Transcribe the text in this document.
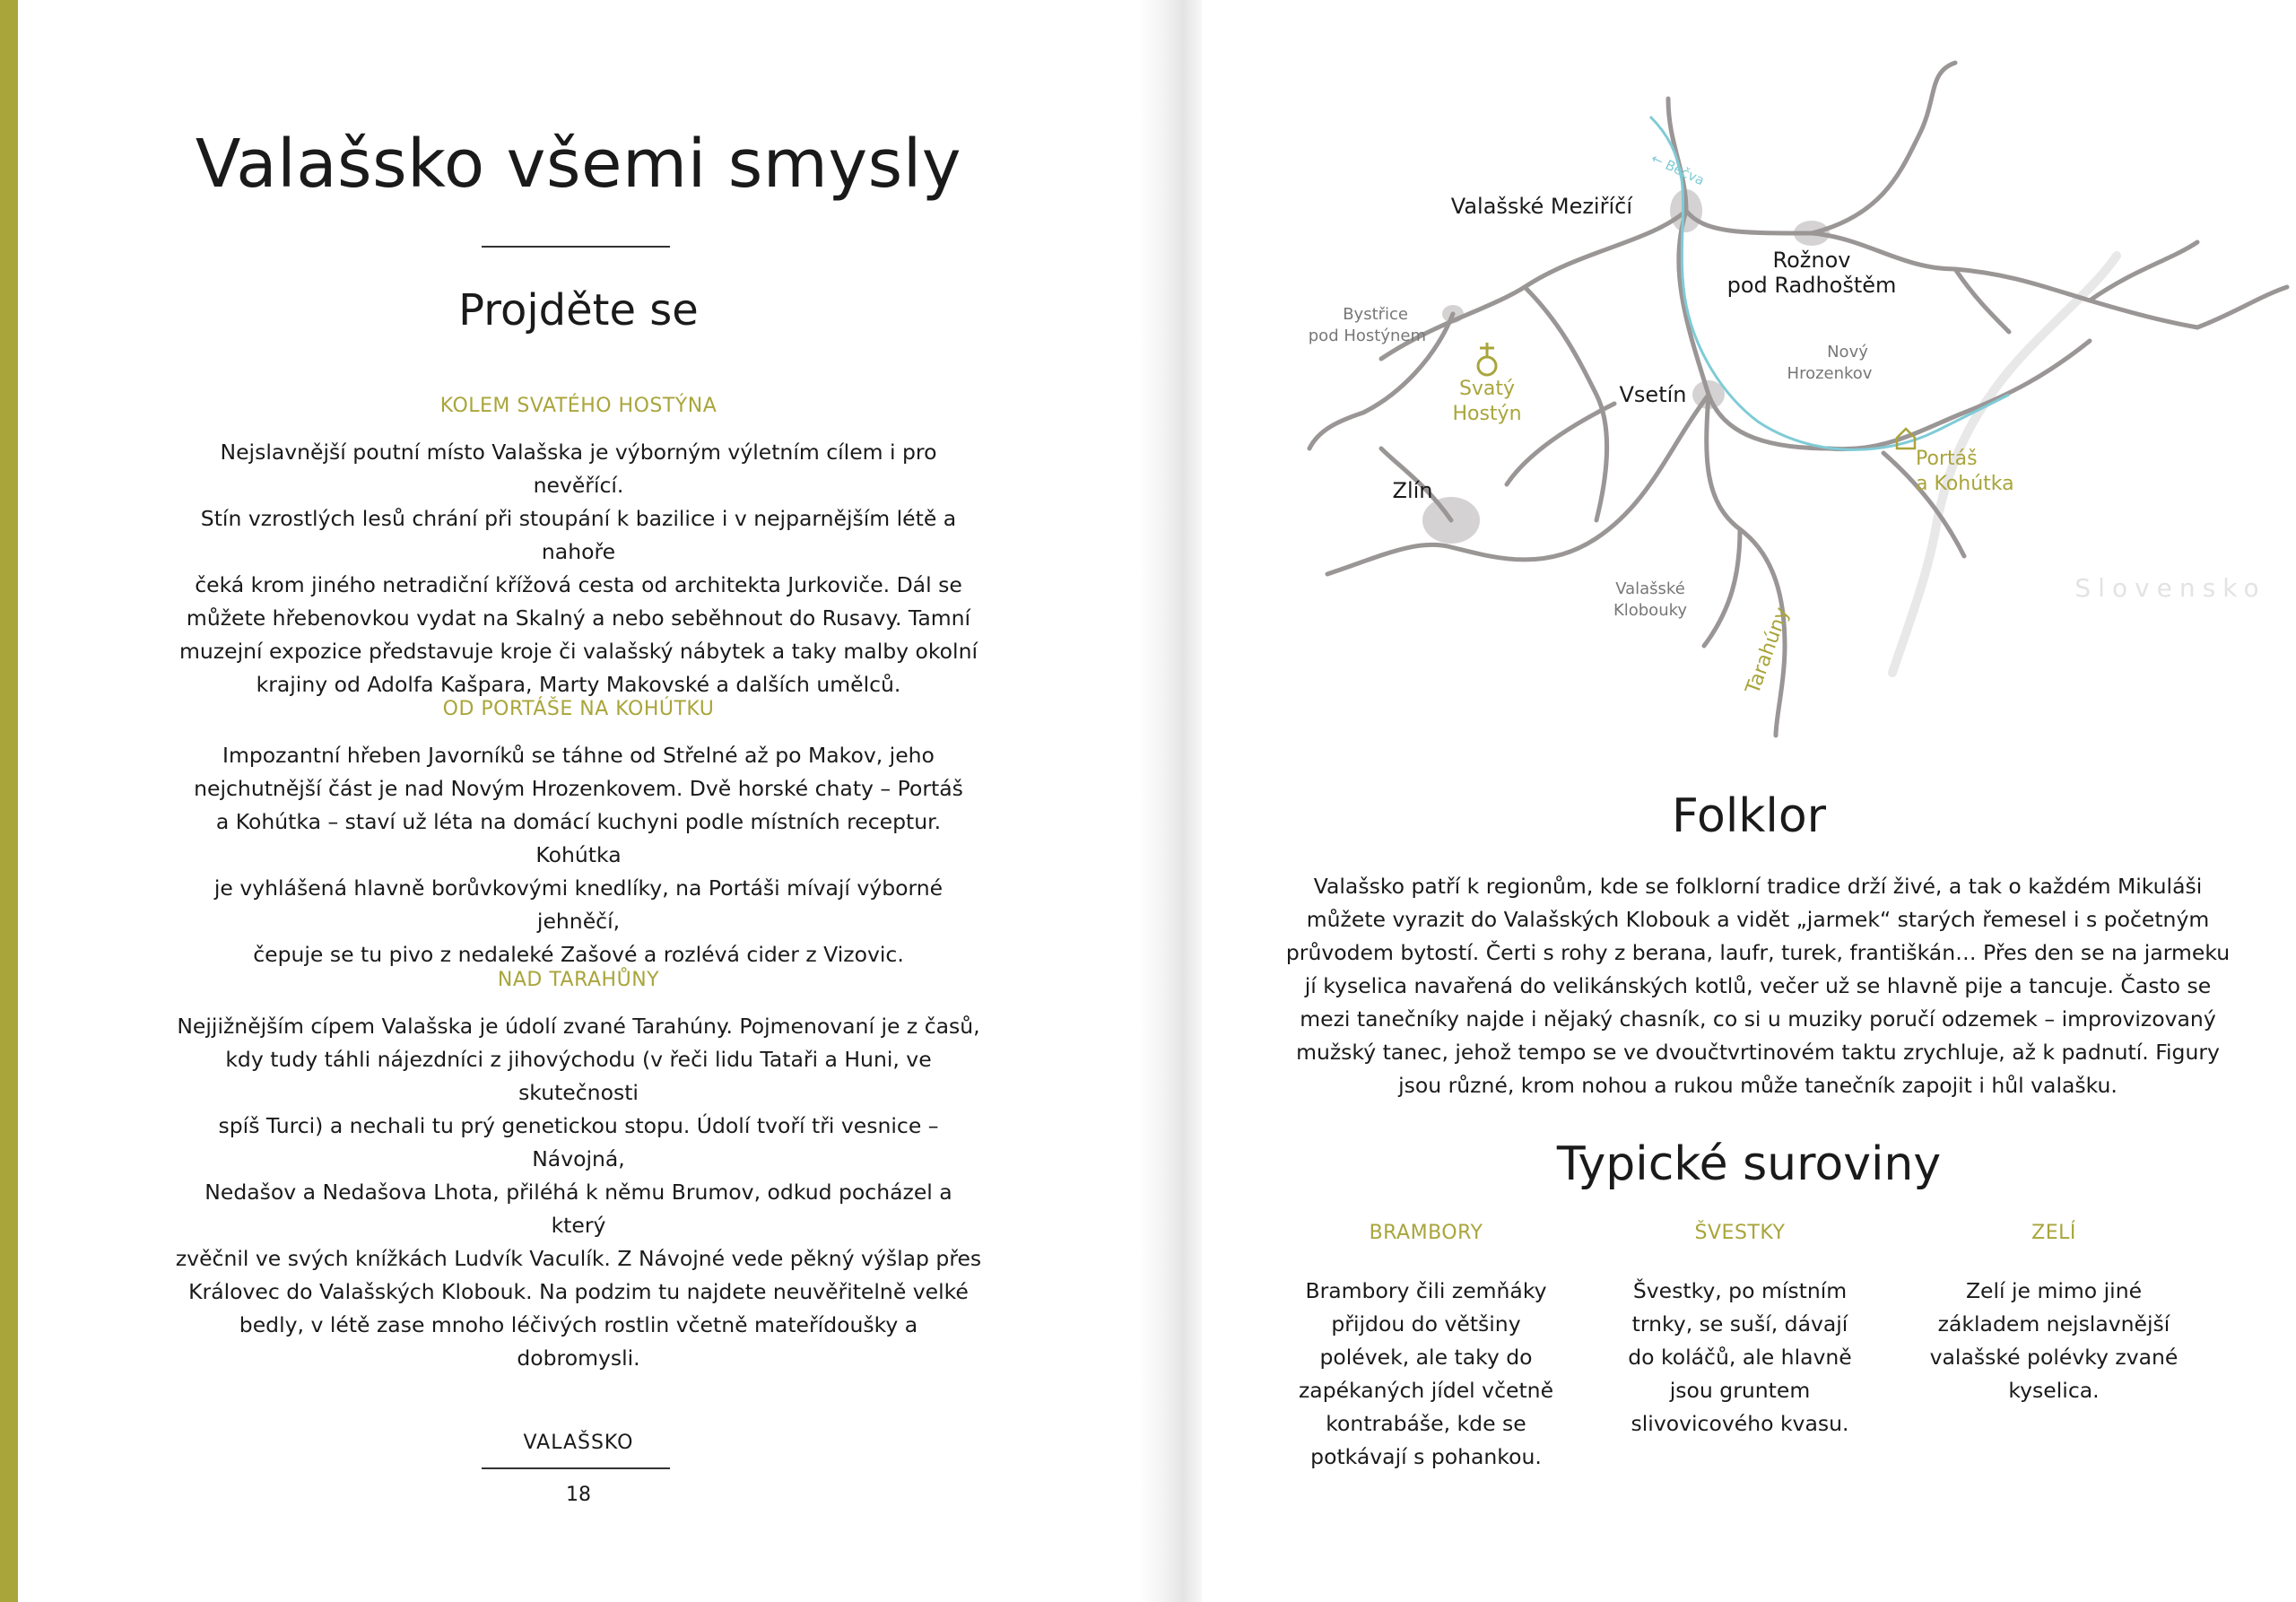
Valašsko všemi smysly
Projděte se
KOLEM SVATÉHO HOSTÝNA

Nejslavnější poutní místo Valašska je výborným výletním cílem i pro nevěřící.
Stín vzrostlých lesů chrání při stoupání k bazilice i v nejparnějším létě a nahoře
čeká krom jiného netradiční křížová cesta od architekta Jurkoviče. Dál se
můžete hřebenovkou vydat na Skalný a nebo seběhnout do Rusavy. Tamní
muzejní expozice představuje kroje či valašský nábytek a taky malby okolní
krajiny od Adolfa Kašpara, Marty Makovské a dalších umělců.

OD PORTÁŠE NA KOHÚTKU

Impozantní hřeben Javorníků se táhne od Střelné až po Makov, jeho
nejchutnější část je nad Novým Hrozenkovem. Dvě horské chaty – Portáš
a Kohútka – staví už léta na domácí kuchyni podle místních receptur. Kohútka
je vyhlášená hlavně borůvkovými knedlíky, na Portáši mívají výborné jehněčí,
čepuje se tu pivo z nedaleké Zašové a rozlévá cider z Vizovic.

NAD TARAHŮNY

Nejjižnějším cípem Valašska je údolí zvané Tarahúny. Pojmenovaní je z časů,
kdy tudy táhli nájezdníci z jihovýchodu (v řeči lidu Tataři a Huni, ve skutečnosti
spíš Turci) a nechali tu prý genetickou stopu. Údolí tvoří tři vesnice – Návojná,
Nedašov a Nedašova Lhota, přiléhá k němu Brumov, odkud pocházel a který
zvěčnil ve svých knížkách Ludvík Vaculík. Z Návojné vede pěkný výšlap přes
Královec do Valašských Klobouk. Na podzim tu najdete neuvěřitelně velké
bedly, v létě zase mnoho léčivých rostlin včetně mateřídoušky a dobromysli.

VALAŠSKO
18
Valašské Meziříčí
← Bečva
Rožnov
pod Radhoštěm
Bystřice
pod Hostýnem
Svatý
Hostýn
Vsetín
Nový
Hrozenkov
Portáš
a Kohútka
Zlín
Valašské
Klobouky	Tarahúny
Slovensko
Folklor

Valašsko patří k regionům, kde se folklorní tradice drží živé, a tak o každém Mikuláši
můžete vyrazit do Valašských Klobouk a vidět „jarmek“ starých řemesel i s početným
průvodem bytostí. Čerti s rohy z berana, laufr, turek, františkán… Přes den se na jarmeku
jí kyselica navařená do velikánských kotlů, večer už se hlavně pije a tancuje. Často se
mezi tanečníky najde i nějaký chasník, co si u muziky poručí odzemek – improvizovaný
mužský tanec, jehož tempo se ve dvoučtvrtinovém taktu zrychluje, až k padnutí. Figury
jsou různé, krom nohou a rukou může tanečník zapojit i hůl valašku.

Typické suroviny
BRAMBORY

Brambory čili zemňáky
přijdou do většiny
polévek, ale taky do
zapékaných jídel včetně
kontrabáše, kde se
potkávají s pohankou.

ŠVESTKY

Švestky, po místním
trnky, se suší, dávají
do koláčů, ale hlavně
jsou gruntem
slivovicového kvasu.

ZELÍ

Zelí je mimo jiné
základem nejslavnější
valašské polévky zvané
kyselica.
